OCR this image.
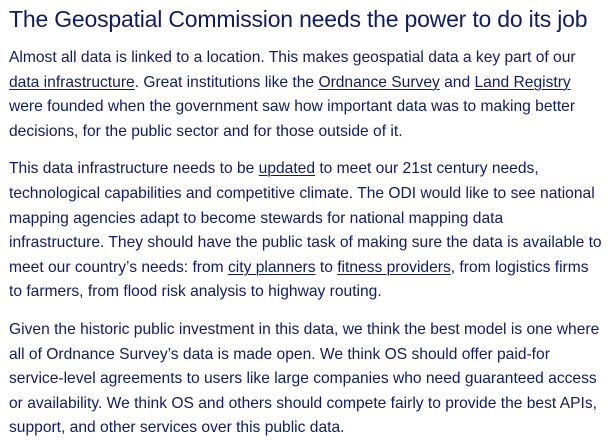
The Geospatial Commission needs the power to do its job

Almost all data is linked to a location. This makes geospatial data a key part of our data infrastructure. Great institutions like the Ordnance Survey and Land Registry were founded when the government saw how important data was to making better decisions, for the public sector and for those outside of it.

This data infrastructure needs to be updated to meet our 21st century needs, technological capabilities and competitive climate. The ODI would like to see national mapping agencies adapt to become stewards for national mapping data infrastructure. They should have the public task of making sure the data is available to meet our country’s needs: from city planners to fitness providers, from logistics firms to farmers, from flood risk analysis to highway routing.

Given the historic public investment in this data, we think the best model is one where all of Ordnance Survey’s data is made open. We think OS should offer paid-for service-level agreements to users like large companies who need guaranteed access or availability. We think OS and others should compete fairly to provide the best APIs, support, and other services over this public data.
